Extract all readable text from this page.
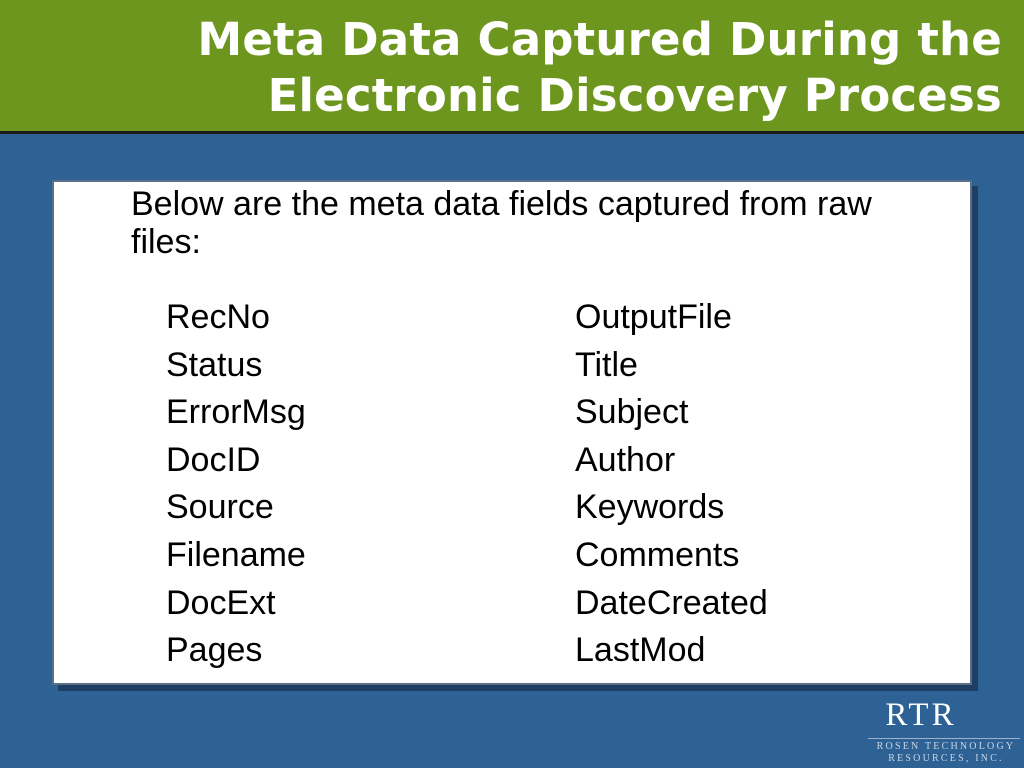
Meta Data Captured During the
Electronic Discovery Process

Below are the meta data fields captured from raw files:

RecNo
Status
ErrorMsg
DocID
Source
Filename
DocExt
Pages
OutputFile
Title
Subject
Author
Keywords
Comments
DateCreated
LastMod
RTR
ROSEN TECHNOLOGY
RESOURCES, INC.
